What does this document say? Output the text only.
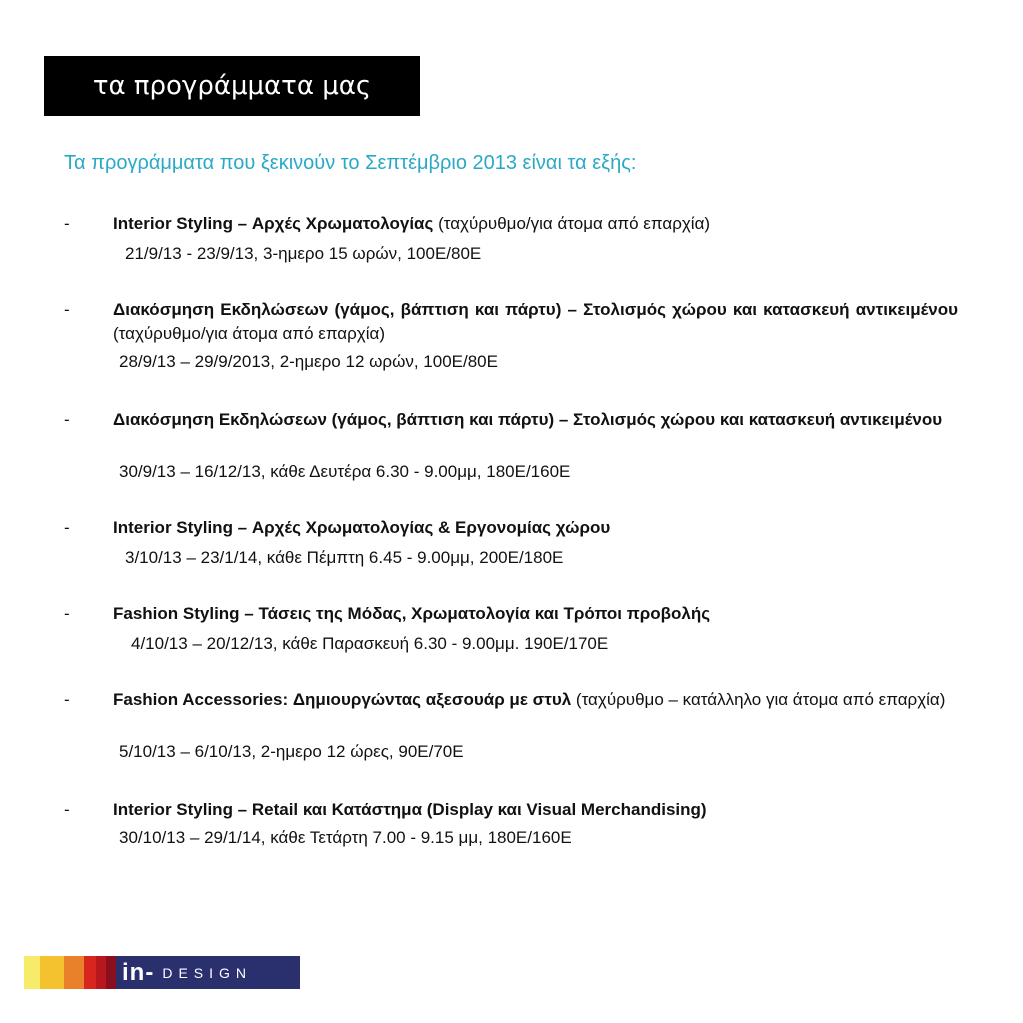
τα προγράμματα μας
Τα προγράμματα που ξεκινούν το Σεπτέμβριο 2013 είναι τα εξής:
-	Interior Styling – Αρχές Χρωματολογίας (ταχύρυθμο/για άτομα από επαρχία)
21/9/13 - 23/9/13, 3-ημερο 15 ωρών, 100Ε/80Ε
-	Διακόσμηση Εκδηλώσεων (γάμος, βάπτιση και πάρτυ) – Στολισμός χώρου και κατασκευή αντικειμένου (ταχύρυθμο/για άτομα από επαρχία)
28/9/13 – 29/9/2013, 2-ημερο 12 ωρών, 100Ε/80Ε
-	Διακόσμηση Εκδηλώσεων (γάμος, βάπτιση και πάρτυ) – Στολισμός χώρου και κατασκευή αντικειμένου
30/9/13 – 16/12/13, κάθε Δευτέρα 6.30 - 9.00μμ, 180Ε/160Ε
-	Interior Styling – Αρχές Χρωματολογίας & Εργονομίας χώρου
3/10/13 – 23/1/14, κάθε Πέμπτη 6.45 - 9.00μμ, 200Ε/180Ε
-	Fashion Styling – Τάσεις της Μόδας, Χρωματολογία και Τρόποι προβολής
4/10/13 – 20/12/13, κάθε Παρασκευή 6.30 - 9.00μμ. 190Ε/170Ε
-	Fashion Accessories: Δημιουργώντας αξεσουάρ με στυλ (ταχύρυθμο – κατάλληλο για άτομα από επαρχία)
5/10/13 – 6/10/13, 2-ημερο 12 ώρες, 90Ε/70Ε
-	Interior Styling – Retail και Κατάστημα (Display και Visual Merchandising)
30/10/13 – 29/1/14, κάθε Τετάρτη 7.00 - 9.15 μμ, 180Ε/160Ε
in- DESIGN
